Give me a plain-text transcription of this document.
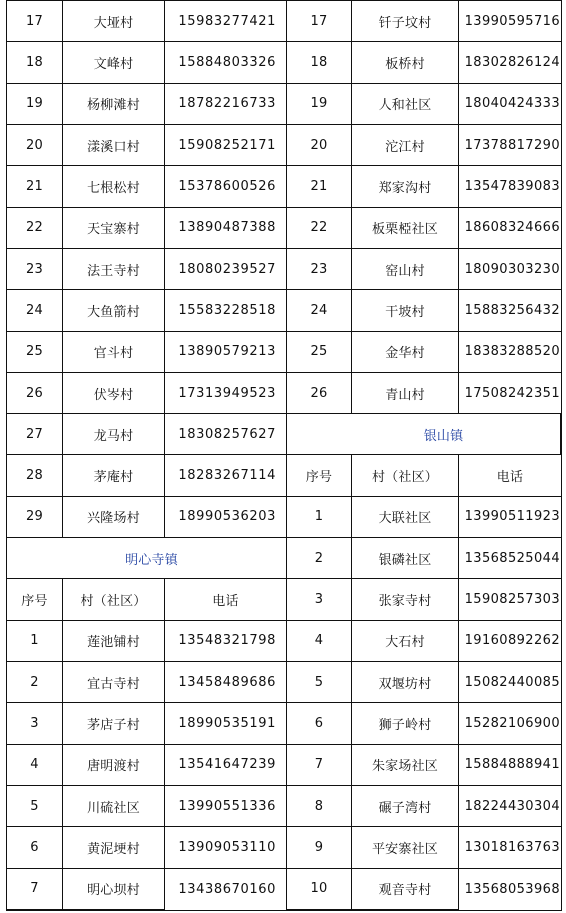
17	大垭村	15983277421
18	文峰村	15884803326
19	杨柳滩村	18782216733
20	漾溪口村	15908252171
21	七根松村	15378600526
22	天宝寨村	13890487388
23	法王寺村	18080239527
24	大鱼箭村	15583228518
25	官斗村	13890579213
26	伏岑村	17313949523
27	龙马村	18308257627
28	茅庵村	18283267114
29	兴隆场村	18990536203
明心寺镇
序号	村（社区）	电话
1	莲池铺村	13548321798
2	宜古寺村	13458489686
3	茅店子村	18990535191
4	唐明渡村	13541647239
5	川硫社区	13990551336
6	黄泥埂村	13909053110
7	明心坝村	13438670160
17	钎子坟村	13990595716
18	板桥村	18302826124
19	人和社区	18040424333
20	沱江村	17378817290
21	郑家沟村	13547839083
22	板栗椏社区	18608324666
23	窑山村	18090303230
24	干坡村	15883256432
25	金华村	18383288520
26	青山村	17508242351
银山镇
序号	村（社区）	电话
1	大联社区	13990511923
2	银磷社区	13568525044
3	张家寺村	15908257303
4	大石村	19160892262
5	双堰坊村	15082440085
6	狮子岭村	15282106900
7	朱家场社区	15884888941
8	碾子湾村	18224430304
9	平安寨社区	13018163763
10	观音寺村	13568053968
